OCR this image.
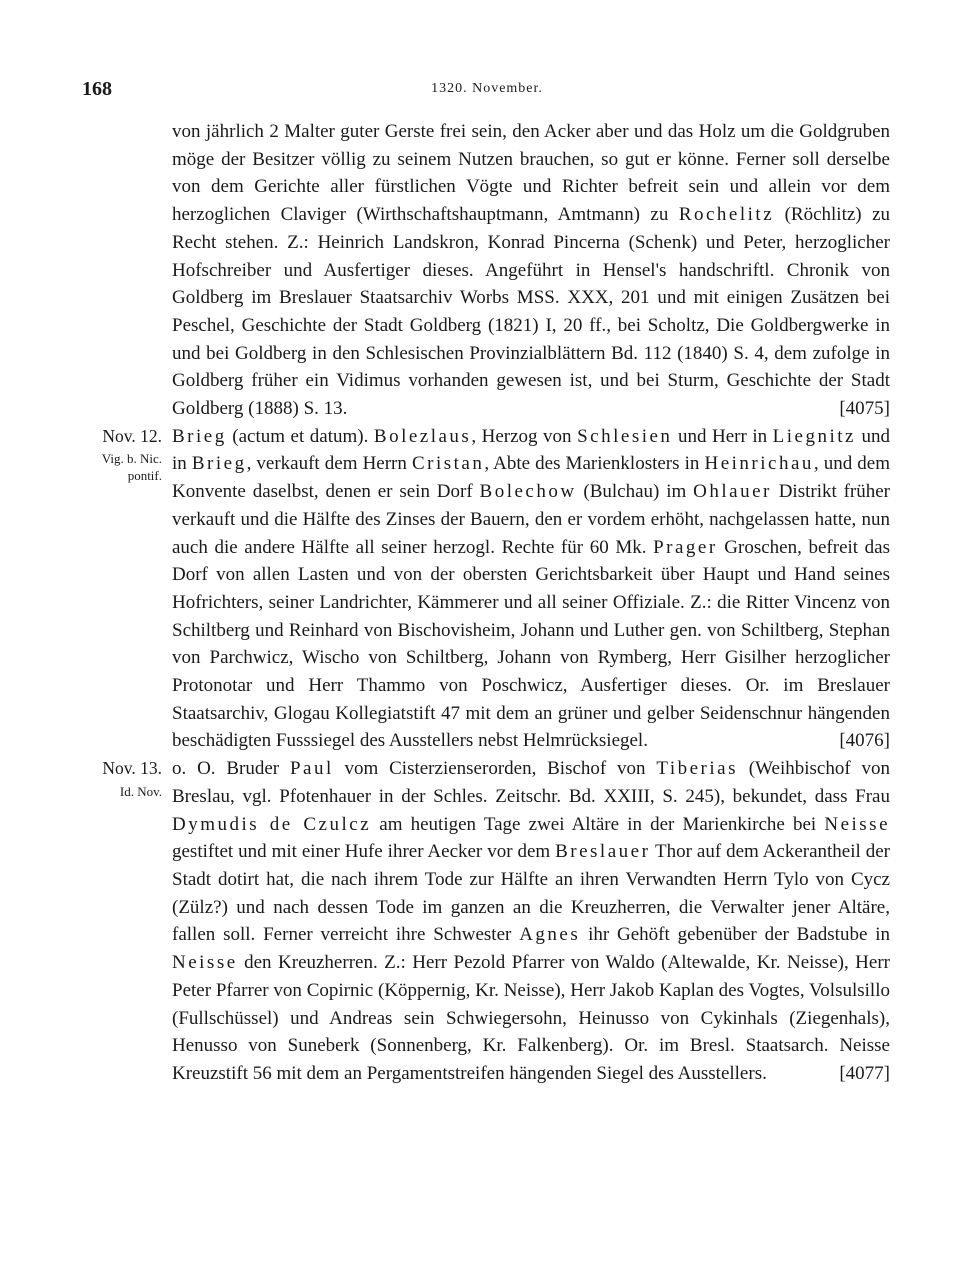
168	1320. November.

von jährlich 2 Malter guter Gerste frei sein, den Acker aber und das Holz um die Goldgruben möge der Besitzer völlig zu seinem Nutzen brauchen, so gut er könne. Ferner soll derselbe von dem Gerichte aller fürstlichen Vögte und Richter befreit sein und allein vor dem herzoglichen Claviger (Wirthschaftshauptmann, Amtmann) zu Rochelitz (Röchlitz) zu Recht stehen. Z.: Heinrich Landskron, Konrad Pincerna (Schenk) und Peter, herzoglicher Hofschreiber und Ausfertiger dieses. Angeführt in Hensel's handschriftl. Chronik von Goldberg im Breslauer Staatsarchiv Worbs MSS. XXX, 201 und mit einigen Zusätzen bei Peschel, Geschichte der Stadt Goldberg (1821) I, 20 ff., bei Scholtz, Die Goldbergwerke in und bei Goldberg in den Schlesischen Provinzialblättern Bd. 112 (1840) S. 4, dem zufolge in Goldberg früher ein Vidimus vorhanden gewesen ist, und bei Sturm, Geschichte der Stadt Goldberg (1888) S. 13.	[4075]

Nov. 12.
Vig. b. Nic.
pontif.
Brieg (actum et datum). Bolezlaus, Herzog von Schlesien und Herr in Liegnitz und in Brieg, verkauft dem Herrn Cristan, Abte des Marienklosters in Heinrichau, und dem Konvente daselbst, denen er sein Dorf Bolechow (Bulchau) im Ohlauer Distrikt früher verkauft und die Hälfte des Zinses der Bauern, den er vordem erhöht, nachgelassen hatte, nun auch die andere Hälfte all seiner herzogl. Rechte für 60 Mk. Prager Groschen, befreit das Dorf von allen Lasten und von der obersten Gerichtsbarkeit über Haupt und Hand seines Hofrichters, seiner Landrichter, Kämmerer und all seiner Offiziale. Z.: die Ritter Vincenz von Schiltberg und Reinhard von Bischovisheim, Johann und Luther gen. von Schiltberg, Stephan von Parchwicz, Wischo von Schiltberg, Johann von Rymberg, Herr Gisilher herzoglicher Protonotar und Herr Thammo von Poschwicz, Ausfertiger dieses. Or. im Breslauer Staatsarchiv, Glogau Kollegiatstift 47 mit dem an grüner und gelber Seidenschnur hängenden beschädigten Fusssiegel des Ausstellers nebst Helmrücksiegel.	[4076]

Nov. 13.
Id. Nov.
o. O. Bruder Paul vom Cisterzienserorden, Bischof von Tiberias (Weihbischof von Breslau, vgl. Pfotenhauer in der Schles. Zeitschr. Bd. XXIII, S. 245), bekundet, dass Frau Dymudis de Czulcz am heutigen Tage zwei Altäre in der Marienkirche bei Neisse gestiftet und mit einer Hufe ihrer Aecker vor dem Breslauer Thor auf dem Ackerantheil der Stadt dotirt hat, die nach ihrem Tode zur Hälfte an ihren Verwandten Herrn Tylo von Cycz (Zülz?) und nach dessen Tode im ganzen an die Kreuzherren, die Verwalter jener Altäre, fallen soll. Ferner verreicht ihre Schwester Agnes ihr Gehöft gebenüber der Badstube in Neisse den Kreuzherren. Z.: Herr Pezold Pfarrer von Waldo (Altewalde, Kr. Neisse), Herr Peter Pfarrer von Copirnic (Köppernig, Kr. Neisse), Herr Jakob Kaplan des Vogtes, Volsulsillo (Fullschüssel) und Andreas sein Schwiegersohn, Heinusso von Cykinhals (Ziegenhals), Henusso von Suneberk (Sonnenberg, Kr. Falkenberg). Or. im Bresl. Staatsarch. Neisse Kreuzstift 56 mit dem an Pergamentstreifen hängenden Siegel des Ausstellers.	[4077]
